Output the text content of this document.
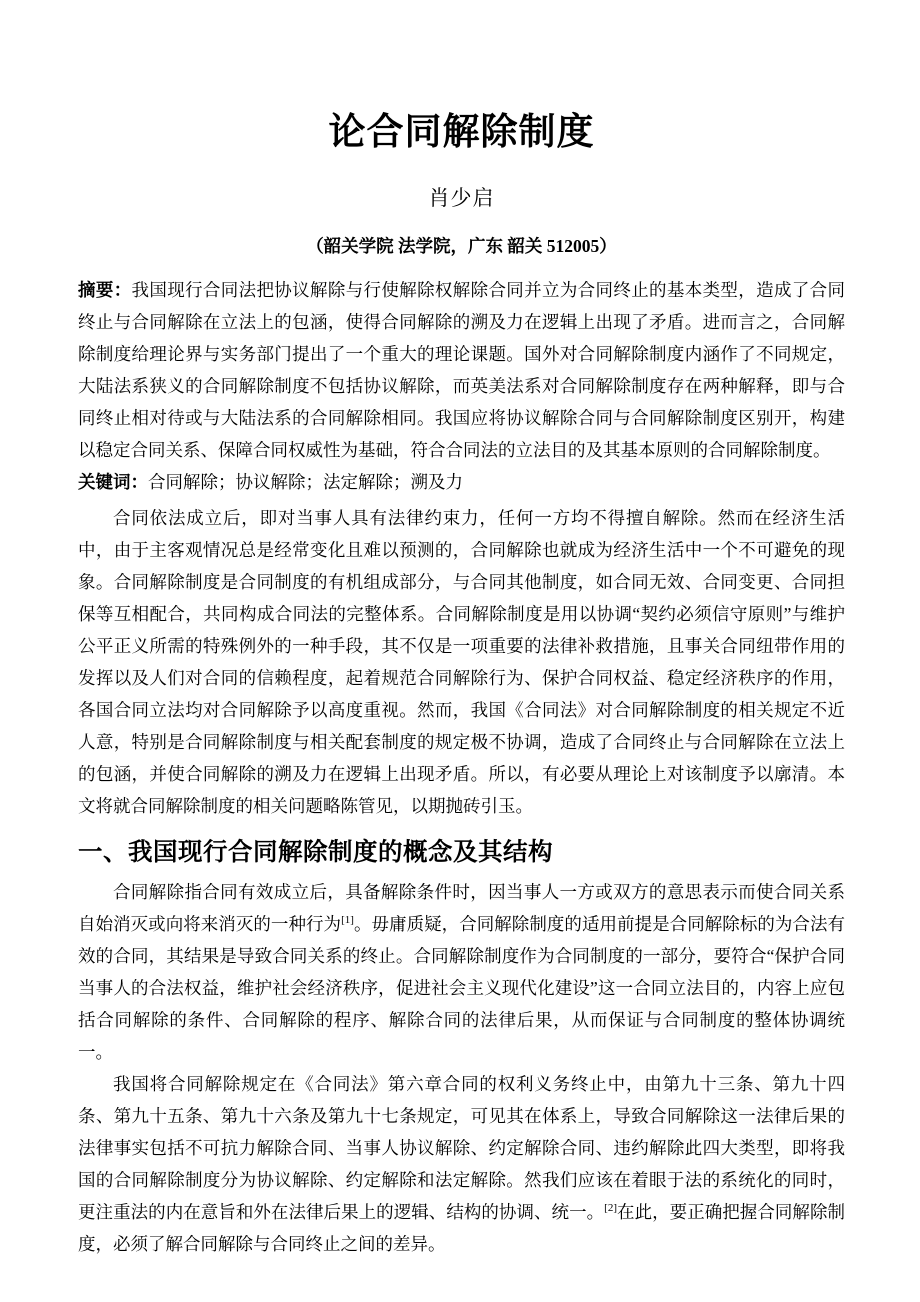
论合同解除制度
肖少启
（韶关学院 法学院，广东 韶关 512005）

摘要：我国现行合同法把协议解除与行使解除权解除合同并立为合同终止的基本类型，造成了合同终止与合同解除在立法上的包涵，使得合同解除的溯及力在逻辑上出现了矛盾。进而言之，合同解除制度给理论界与实务部门提出了一个重大的理论课题。国外对合同解除制度内涵作了不同规定，大陆法系狭义的合同解除制度不包括协议解除，而英美法系对合同解除制度存在两种解释，即与合同终止相对待或与大陆法系的合同解除相同。我国应将协议解除合同与合同解除制度区别开，构建以稳定合同关系、保障合同权威性为基础，符合合同法的立法目的及其基本原则的合同解除制度。

关键词：合同解除；协议解除；法定解除；溯及力

合同依法成立后，即对当事人具有法律约束力，任何一方均不得擅自解除。然而在经济生活中，由于主客观情况总是经常变化且难以预测的，合同解除也就成为经济生活中一个不可避免的现象。合同解除制度是合同制度的有机组成部分，与合同其他制度，如合同无效、合同变更、合同担保等互相配合，共同构成合同法的完整体系。合同解除制度是用以协调“契约必须信守原则”与维护公平正义所需的特殊例外的一种手段，其不仅是一项重要的法律补救措施，且事关合同纽带作用的发挥以及人们对合同的信赖程度，起着规范合同解除行为、保护合同权益、稳定经济秩序的作用，各国合同立法均对合同解除予以高度重视。然而，我国《合同法》对合同解除制度的相关规定不近人意，特别是合同解除制度与相关配套制度的规定极不协调，造成了合同终止与合同解除在立法上的包涵，并使合同解除的溯及力在逻辑上出现矛盾。所以，有必要从理论上对该制度予以廓清。本文将就合同解除制度的相关问题略陈管见，以期抛砖引玉。

一、我国现行合同解除制度的概念及其结构

合同解除指合同有效成立后，具备解除条件时，因当事人一方或双方的意思表示而使合同关系自始消灭或向将来消灭的一种行为[1]。毋庸质疑，合同解除制度的适用前提是合同解除标的为合法有效的合同，其结果是导致合同关系的终止。合同解除制度作为合同制度的一部分，要符合“保护合同当事人的合法权益，维护社会经济秩序，促进社会主义现代化建设”这一合同立法目的，内容上应包括合同解除的条件、合同解除的程序、解除合同的法律后果，从而保证与合同制度的整体协调统一。

我国将合同解除规定在《合同法》第六章合同的权利义务终止中，由第九十三条、第九十四条、第九十五条、第九十六条及第九十七条规定，可见其在体系上，导致合同解除这一法律后果的法律事实包括不可抗力解除合同、当事人协议解除、约定解除合同、违约解除此四大类型，即将我国的合同解除制度分为协议解除、约定解除和法定解除。然我们应该在着眼于法的系统化的同时，更注重法的内在意旨和外在法律后果上的逻辑、结构的协调、统一。[2]在此，要正确把握合同解除制度，必须了解合同解除与合同终止之间的差异。
